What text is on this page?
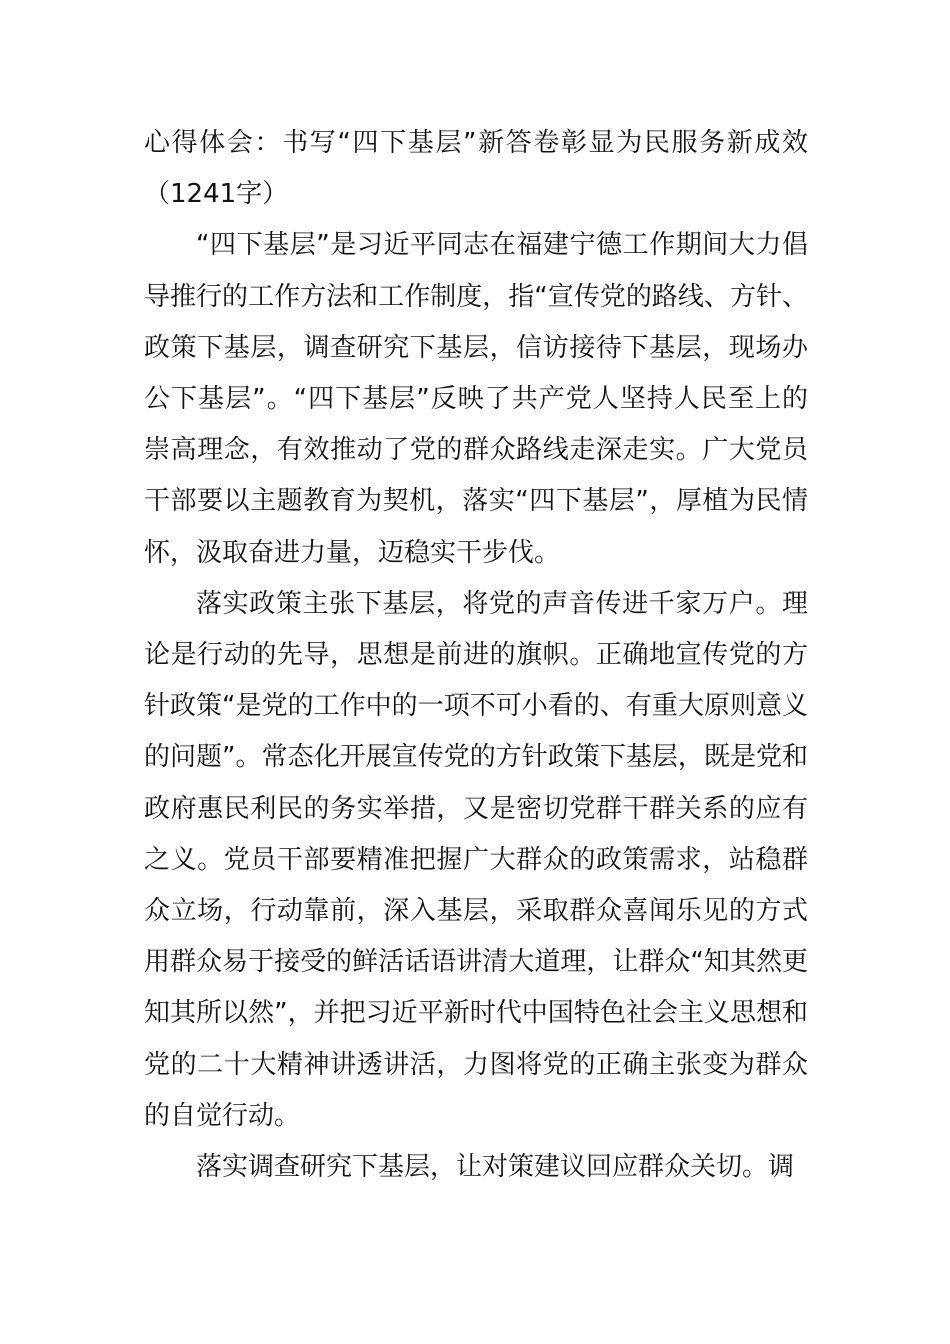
心得体会：书写“四下基层”新答卷彰显为民服务新成效（1241字）

“四下基层”是习近平同志在福建宁德工作期间大力倡导推行的工作方法和工作制度，指“宣传党的路线、方针、政策下基层，调查研究下基层，信访接待下基层，现场办公下基层”。“四下基层”反映了共产党人坚持人民至上的崇高理念，有效推动了党的群众路线走深走实。广大党员干部要以主题教育为契机，落实“四下基层”，厚植为民情怀，汲取奋进力量，迈稳实干步伐。

落实政策主张下基层，将党的声音传进千家万户。理论是行动的先导，思想是前进的旗帜。正确地宣传党的方针政策“是党的工作中的一项不可小看的、有重大原则意义的问题”。常态化开展宣传党的方针政策下基层，既是党和政府惠民利民的务实举措，又是密切党群干群关系的应有之义。党员干部要精准把握广大群众的政策需求，站稳群众立场，行动靠前，深入基层，采取群众喜闻乐见的方式用群众易于接受的鲜活话语讲清大道理，让群众“知其然更知其所以然”，并把习近平新时代中国特色社会主义思想和党的二十大精神讲透讲活，力图将党的正确主张变为群众的自觉行动。

落实调查研究下基层，让对策建议回应群众关切。调
